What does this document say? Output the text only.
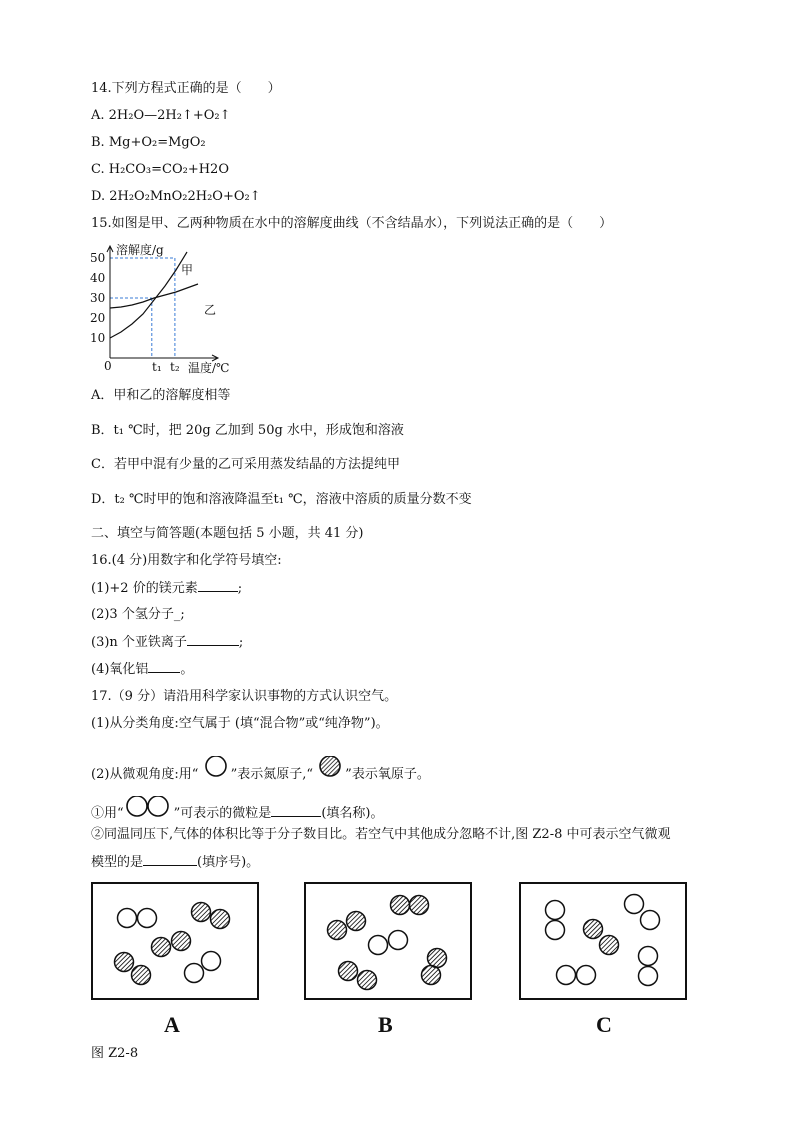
14.下列方程式正确的是（　　）
A. 2H₂O—2H₂↑+O₂↑
B. Mg+O₂=MgO₂
C. H₂CO₃=CO₂+H2O
D. 2H₂O₂MnO₂2H₂O+O₂↑
15.如图是甲、乙两种物质在水中的溶解度曲线（不含结晶水），下列说法正确的是（　　）
10
20
30
40
50
溶解度/g
温度/℃
0
甲
乙
t₁ t₂
A．甲和乙的溶解度相等
B．t₁ ℃时，把 20g 乙加到 50g 水中，形成饱和溶液
C．若甲中混有少量的乙可采用蒸发结晶的方法提纯甲
D．t₂ ℃时甲的饱和溶液降温至t₁ ℃，溶液中溶质的质量分数不变
二、填空与简答题(本题包括 5 小题，共 41 分)
16.(4 分)用数字和化学符号填空:
(1)+2 价的镁元素	;
(2)3 个氢分子_;
(3)n 个亚铁离子	;
(4)氧化铝 。
17.（9 分）请沿用科学家认识事物的方式认识空气。
(1)从分类角度:空气属于 (填“混合物”或“纯净物”)。
(2)从微观角度:用“ ”表示氮原子,“ ”表示氧原子。
①用“	”可表示的微粒是	(填名称)。
②同温同压下,气体的体积比等于分子数目比。若空气中其他成分忽略不计,图 Z2-8 中可表示空气微观
模型的是	(填序号)。
A	B	C
图 Z2-8
